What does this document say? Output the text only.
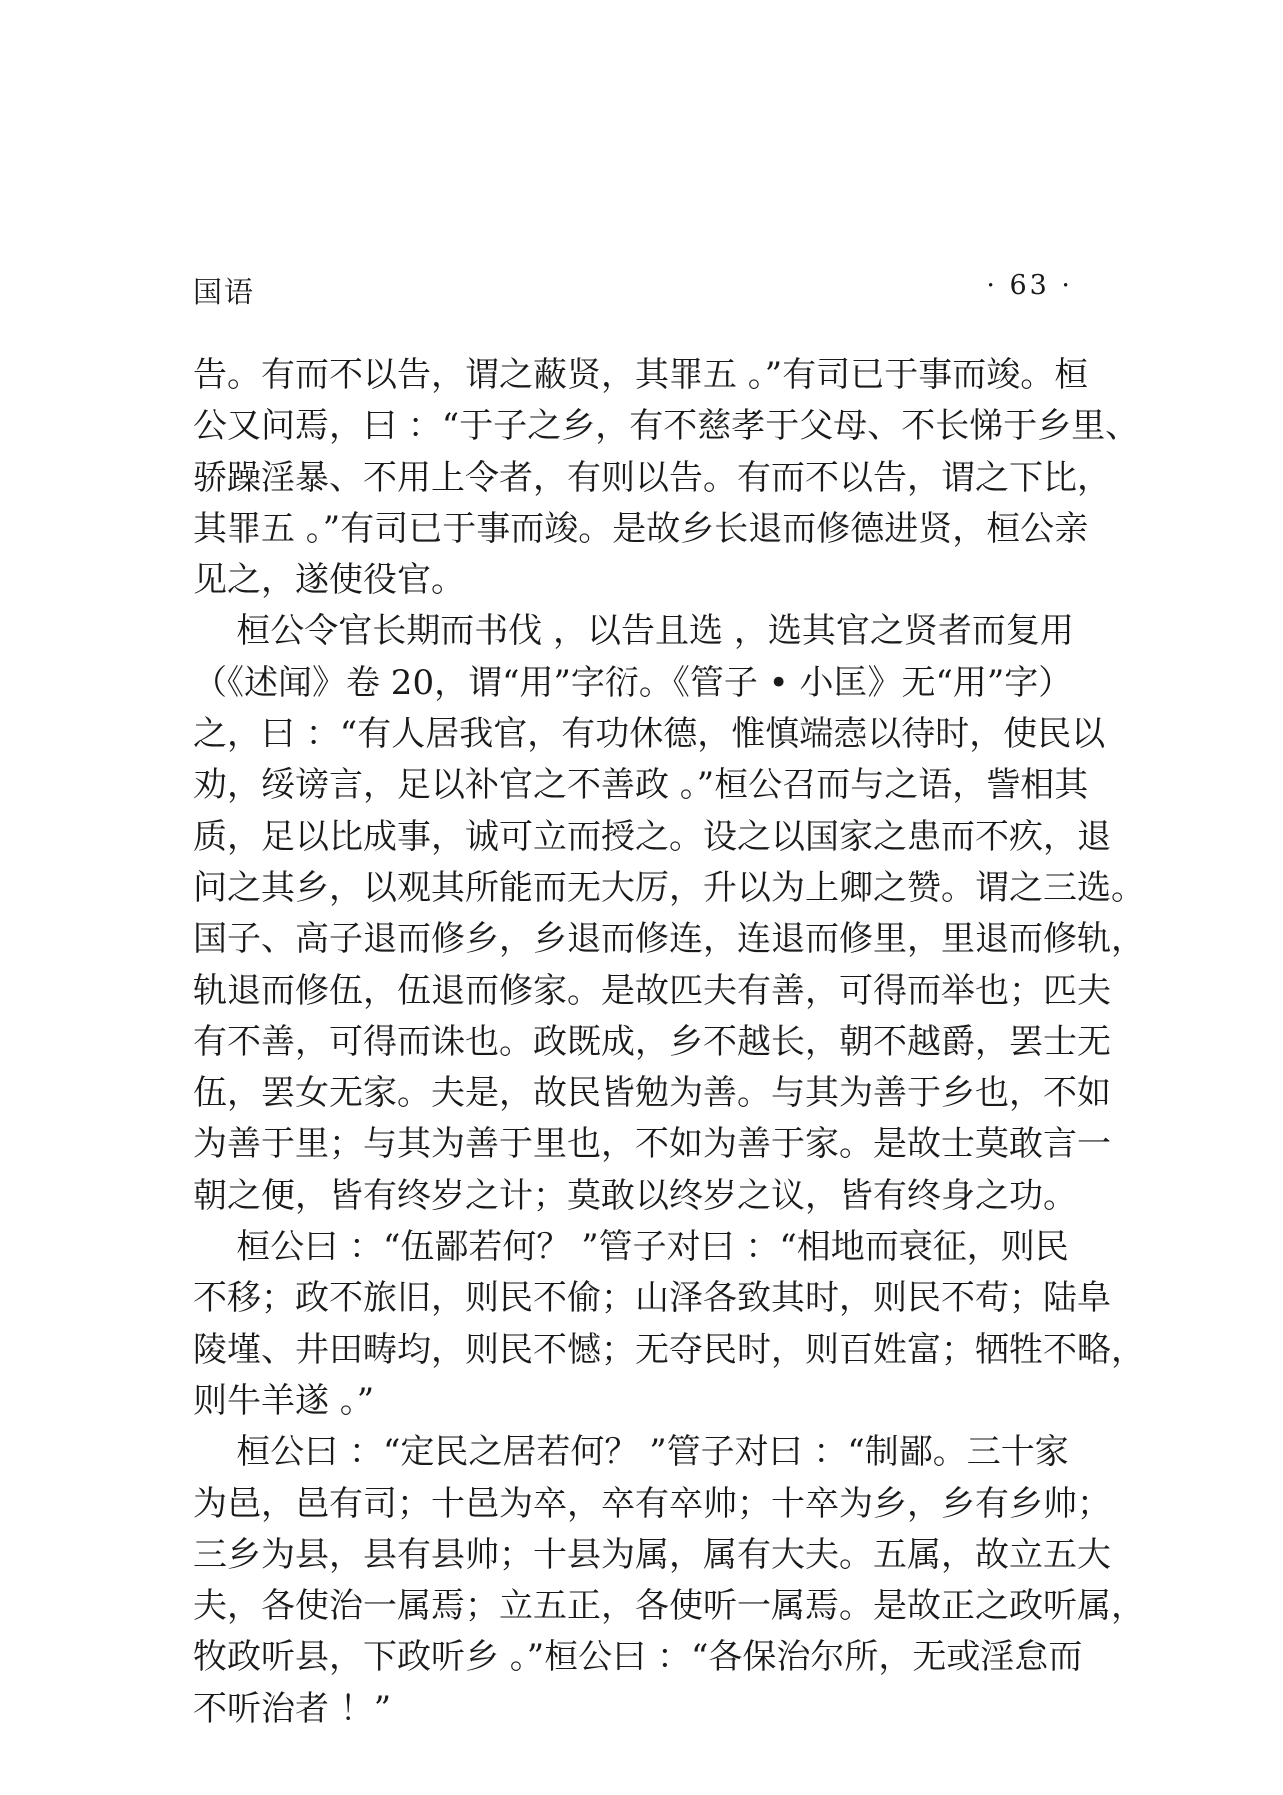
国语	· 63 ·
告。有而不以告，谓之蔽贤，其罪五 。”有司已于事而竣。桓
公又问焉，曰 ：“于子之乡，有不慈孝于父母、不长悌于乡里、
骄躁淫暴、不用上令者，有则以告。有而不以告，谓之下比，
其罪五 。”有司已于事而竣。是故乡长退而修德进贤，桓公亲
见之，遂使役官。
桓公令官长期而书伐 ，以告且选 ，选其官之贤者而复用
（《述闻》卷 20，谓“用”字衍。《管子 • 小匡》无“用”字）
之，曰 ：“有人居我官，有功休德，惟慎端悫以待时，使民以
劝，绥谤言，足以补官之不善政 。”桓公召而与之语，訾相其
质，足以比成事，诚可立而授之。设之以国家之患而不疚，退
问之其乡，以观其所能而无大厉，升以为上卿之赞。谓之三选。
国子、高子退而修乡，乡退而修连，连退而修里，里退而修轨，
轨退而修伍，伍退而修家。是故匹夫有善，可得而举也；匹夫
有不善，可得而诛也。政既成，乡不越长，朝不越爵，罢士无
伍，罢女无家。夫是，故民皆勉为善。与其为善于乡也，不如
为善于里；与其为善于里也，不如为善于家。是故士莫敢言一
朝之便，皆有终岁之计；莫敢以终岁之议，皆有终身之功。
桓公曰 ：“伍鄙若何？ ”管子对曰 ：“相地而衰征，则民
不移；政不旅旧，则民不偷；山泽各致其时，则民不苟；陆阜
陵墐、井田畴均，则民不憾；无夺民时，则百姓富；牺牲不略，
则牛羊遂 。”
桓公曰 ：“定民之居若何？ ”管子对曰 ：“制鄙。三十家
为邑，邑有司；十邑为卒，卒有卒帅；十卒为乡，乡有乡帅；
三乡为县，县有县帅；十县为属，属有大夫。五属，故立五大
夫，各使治一属焉；立五正，各使听一属焉。是故正之政听属，
牧政听县，下政听乡 。”桓公曰 ：“各保治尔所，无或淫怠而
不听治者 ！”
